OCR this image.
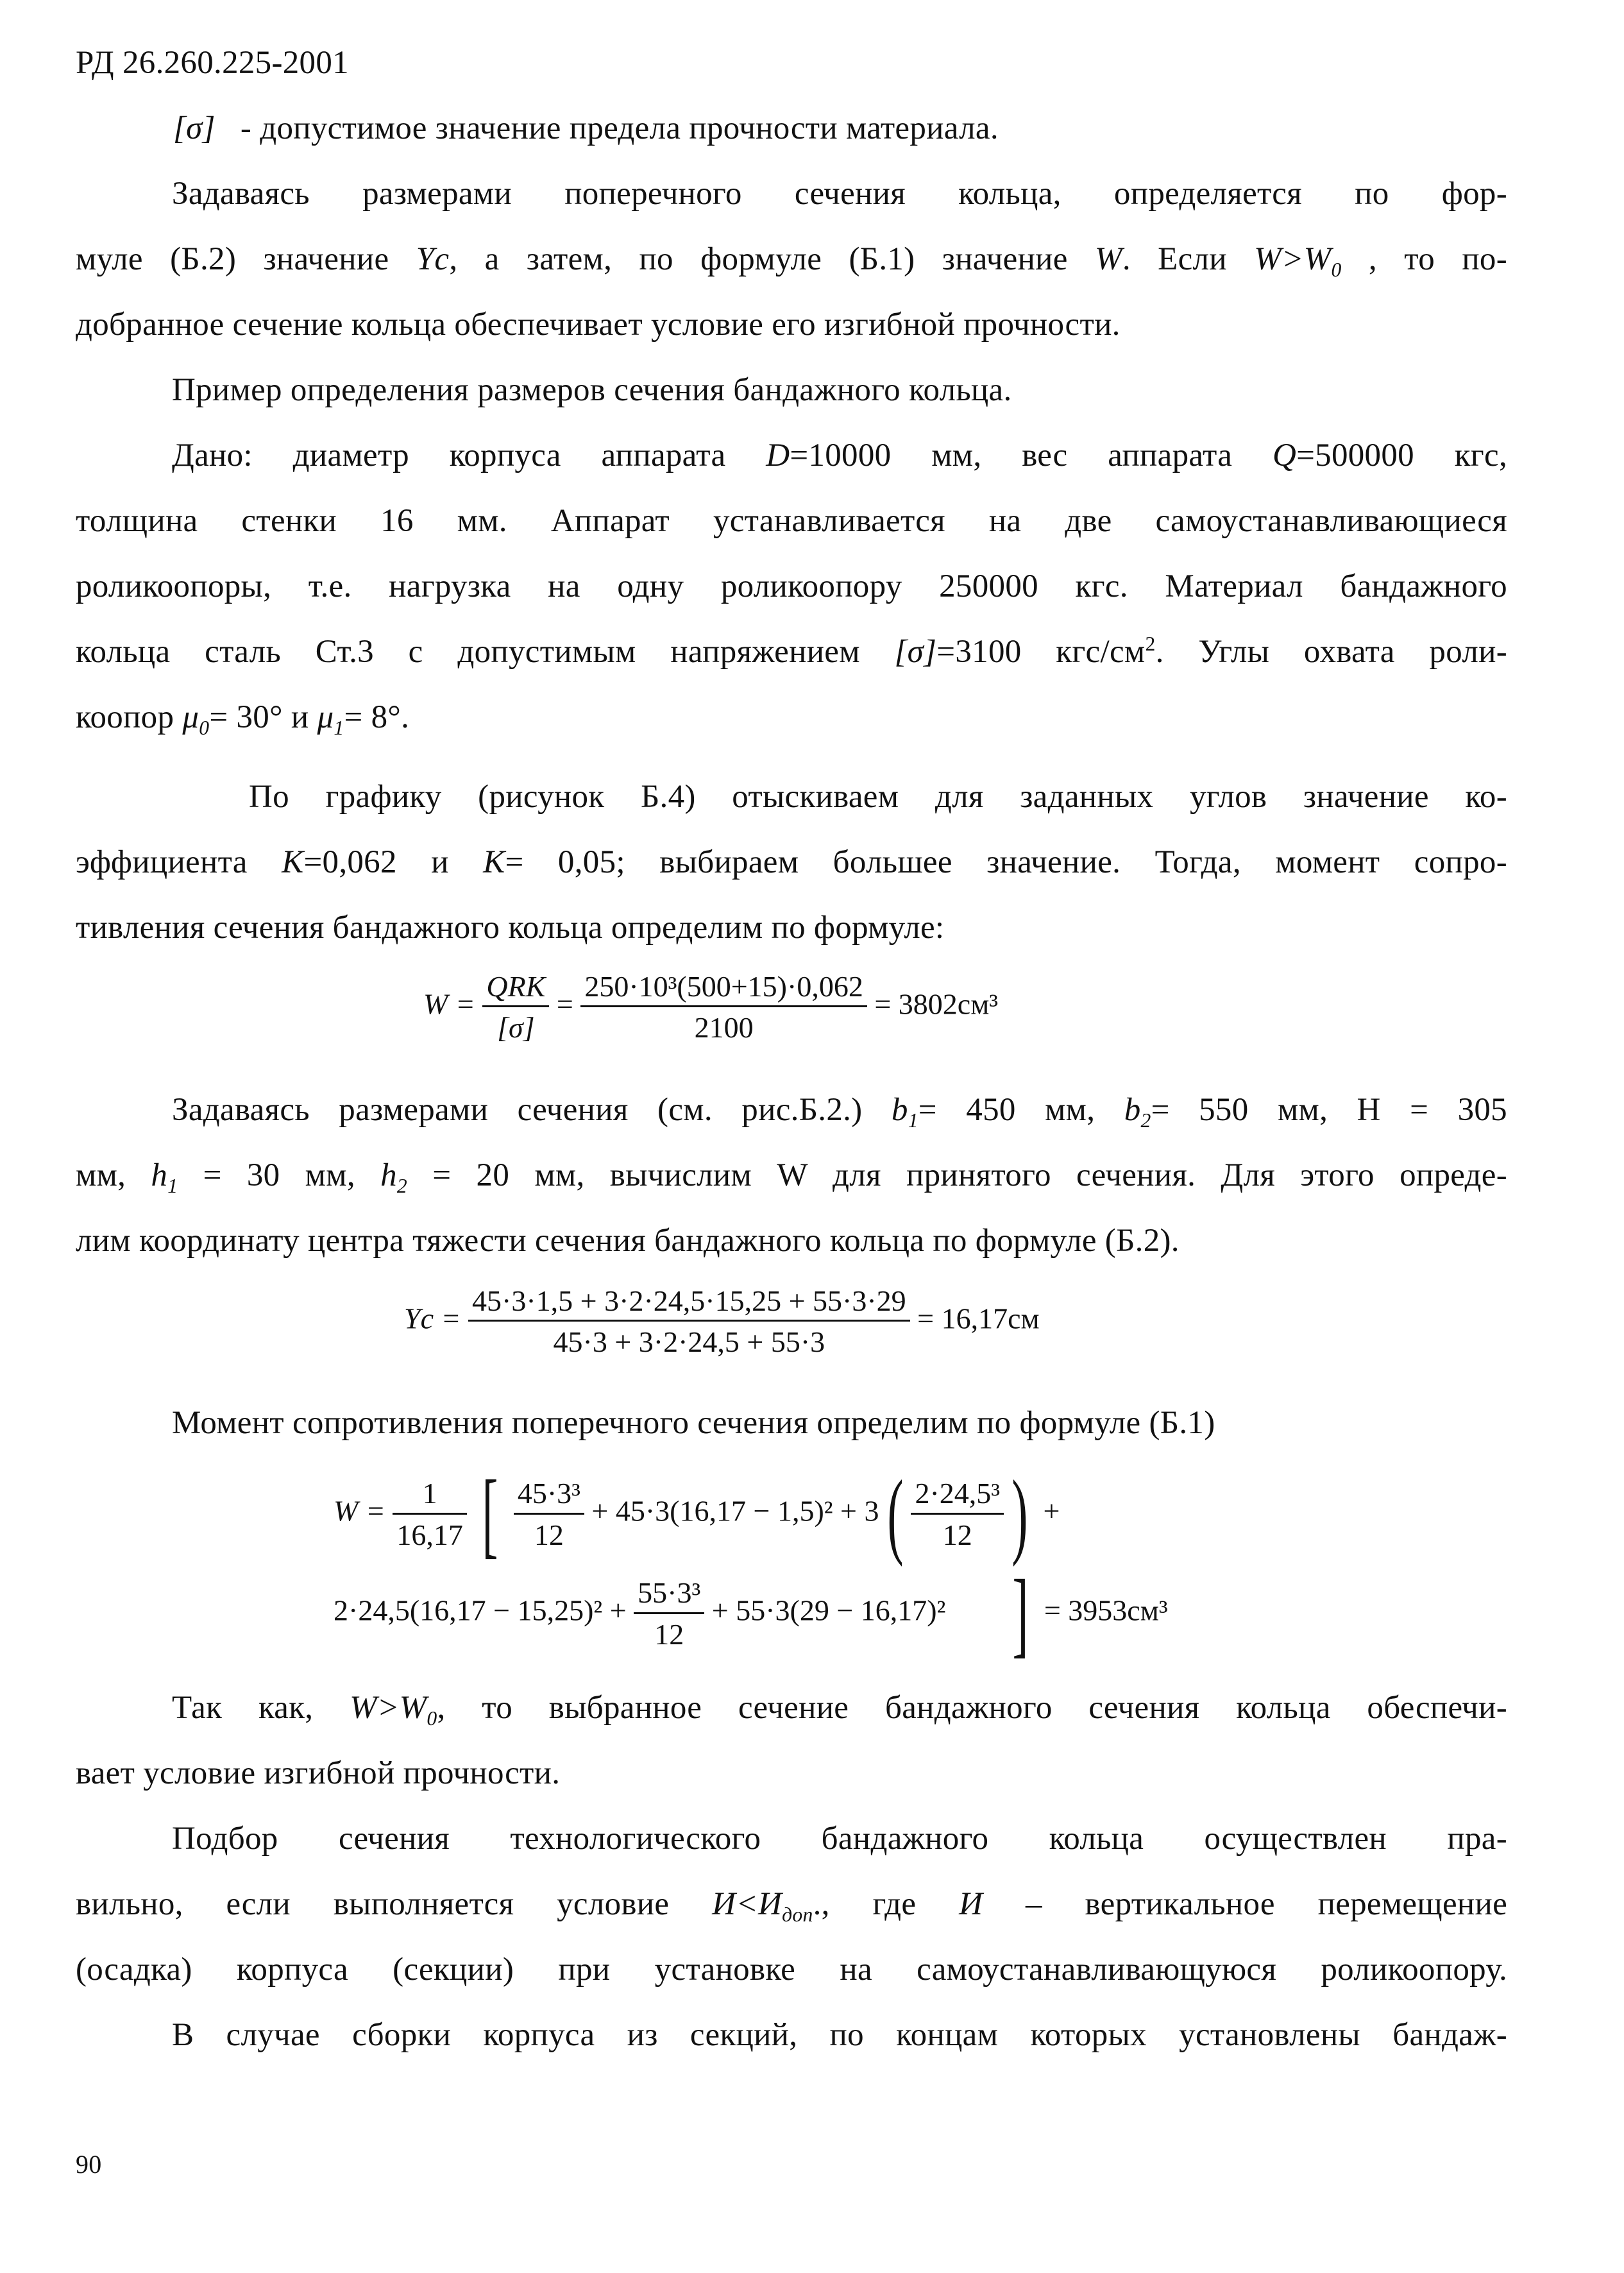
РД 26.260.225-2001
[σ] - допустимое значение предела прочности материала.
Задаваясь размерами поперечного сечения кольца, определяется по фор-
муле (Б.2) значение Yc, а затем, по формуле (Б.1) значение W. Если $W>W_0$ , то по-
добранное сечение кольца обеспечивает условие его изгибной прочности.
Пример определения размеров сечения бандажного кольца.
Дано: диаметр корпуса аппарата D=10000 мм, вес аппарата Q=500000 кгс,
толщина стенки 16 мм. Аппарат устанавливается на две самоустанавливающиеся
роликоопоры, т.е. нагрузка на одну роликоопору 250000 кгс. Материал бандажного
кольца сталь Ст.3 с допустимым напряжением [σ]=3100 кгс/$см^2$. Углы охвата роли-
коопор $\mu_0= 30^\circ$ и $\mu_1= 8^\circ$.
По графику (рисунок Б.4) отыскиваем для заданных углов значение ко-
эффициента K=0,062 и K= 0,05; выбираем большее значение. Тогда, момент сопро-
тивления сечения бандажного кольца определим по формуле:
$W = \frac{\text{QRK}}{[\sigma]} = \frac{\text{250·10³(500+15)·0,062}}{2100} = 3802см^3$
Задаваясь размерами сечения (см. рис.Б.2.) $b_1= 450$ мм, $b_2= 550$ мм, Н = 305
мм, $h_1 = 30$ мм, $h_2 = 20$ мм, вычислим W для принятого сечения. Для этого опреде-
лим координату центра тяжести сечения бандажного кольца по формуле (Б.2).
$Yc = \frac{45\cdot 3\cdot 1,5 + 3\cdot 2\cdot 24,5\cdot 15,25 + 55\cdot 3\cdot 29}{45\cdot 3 + 3\cdot 2\cdot 24,5 + 55\cdot 3} = 16,17см$
Момент сопротивления поперечного сечения определим по формуле (Б.1)
$W = \frac{1}{16,17}$ [ $\frac{\text{45·3³}}{12} + 45\cdot 3(16,17 - 1,5)^2 + 3( \frac{\text{2·24,5³}}{12}$ ) +
$2\cdot 24,5(16,17 - 15,25)^2 + \frac{\text{55·3³}}{12} + 55\cdot 3(29 - 16,17)^2$ ] = 3953см³
Так как, $W>W_0$, то выбранное сечение бандажного сечения кольца обеспечи-
вает условие изгибной прочности.
Подбор сечения технологического бандажного кольца осуществлен пра-
вильно, если выполняется условие $И<И_{доп}$., где И – вертикальное перемещение
(осадка) корпуса (секции) при установке на самоустанавливающуюся роликоопору.
В случае сборки корпуса из секций, по концам которых установлены бандаж-
90
